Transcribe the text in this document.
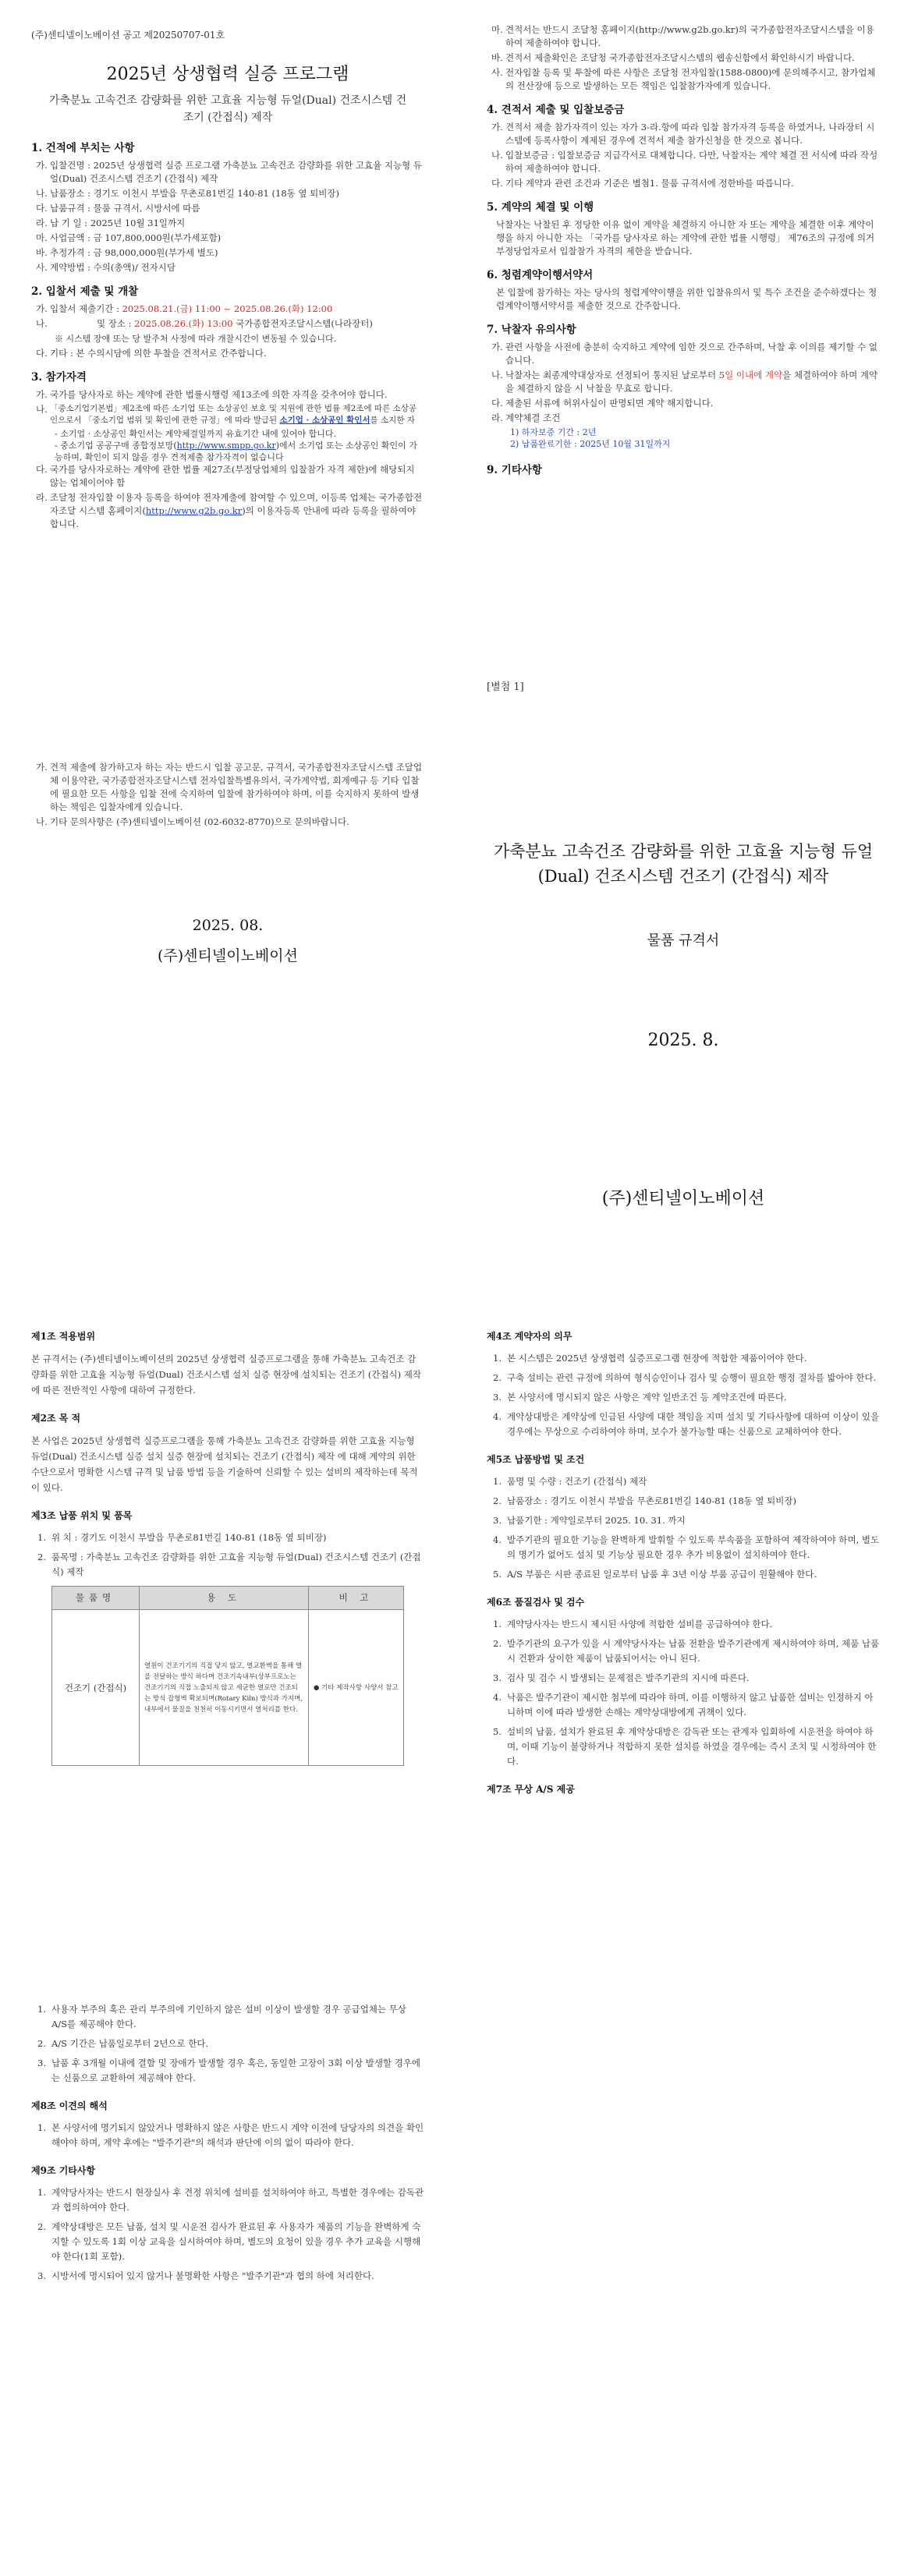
(주)센티넬이노베이션 공고 제20250707-01호
2025년 상생협력 실증 프로그램
가축분뇨 고속건조 감량화를 위한 고효율 지능형 듀얼(Dual) 건조시스템 건조기 (간접식) 제작
1. 건적에 부치는 사항
가. 입찰건명 : 2025년 상생협력 실증 프로그램 가축분뇨 고속건조 감량화를 위한 고효율 지능형 듀얼(Dual) 건조시스템 건조기 (간접식) 제작
나. 납품장소 : 경기도 이천시 부발읍 무촌로81번길 140-81 (18동 옆 퇴비장)
다. 납품규격 : 물품 규격서, 시방서에 따름
라. 납 기 일 : 2025년 10월 31일까지
마. 사업금액 : 금 107,800,000원(부가세포함)
바. 추정가격 : 금 98,000,000원(부가세 별도)
사. 계약방법 : 수의(총액)/ 전자시담
2. 입찰서 제출 및 개찰
가. 입찰서 제출기간 : 2025.08.21.(금) 11:00 ~ 2025.08.26.(화) 12:00
나.	및 장소 : 2025.08.26.(화) 13:00 국가종합전자조달시스템(나라장터)
※ 시스템 장애 또는 당 발주처 사정에 따라 개찰시간이 변동될 수 있습니다.
다. 기타 : 본 수의시담에 의한 투찰을 견적서로 간주합니다.
3. 참가자격
가. 국가를 당사자로 하는 계약에 관한 법률시행령 제13조에 의한 자격을 갖추어야 합니다.
나. 「중소기업기본법」제2조에 따른 소기업 또는 소상공인 보호 및 지원에 관한 법률 제2조에 따른 소상공인으로서 「중소기업 범위 및 확인에 관한 규정」에 따라 발급된 소기업 · 소상공인 확인서를 소지한 자
- 소기업 · 소상공인 확인서는 계약체결일까지 유효기간 내에 있어야 합니다.
- 중소기업 공공구매 종합정보망(http://www.smpp.go.kr)에서 소기업 또는 소상공인 확인이 가능하며, 확인이 되지 않을 경우 견적제출 참가자격이 없습니다
다. 국가를 당사자로하는 계약에 관한 법률 제27조(부정당업체의 입찰참가 자격 제한)에 해당되지 않는 업체이어야 함
라. 조달청 전자입찰 이용자 등록을 하여야 전자계출에 참여할 수 있으며, 이등록 업체는 국가종합전자조달 시스템 홈페이지(http://www.g2b.go.kr)의 이용자등록 안내에 따라 등록을 필하여야 합니다.
마. 견적서는 반드시 조달청 홈페이지(http://www.g2b.go.kr)의 국가종합전자조달시스템을 이용하여 제출하여야 합니다.
바. 견적서 제출확인은 조달청 국가종합전자조달시스템의 웹송신함에서 확인하시기 바랍니다.
사. 전자입찰 등록 및 투찰에 따른 사항은 조달청 전자입찰(1588-0800)에 문의해주시고, 참가업체의 전산장애 등으로 발생하는 모든 책임은 입찰참가자에게 있습니다.
4. 견적서 제출 및 입찰보증금
가. 견적서 제출 참가자격이 있는 자가 3-라.항에 따라 입찰 참가자격 등록을 하였거나, 나라장터 시스템에 등록사항이 계제된 경우에 견적서 제출 참가신청을 한 것으로 봅니다.
나. 입찰보증금 : 입찰보증금 지급각서로 대체합니다. 다만, 낙찰자는 계약 체결 전 서식에 따라 작성하여 제출하여야 합니다.
다. 기타 계약과 관련 조건과 기준은 별첨1. 물품 규격서에 정한바를 따릅니다.
5. 계약의 체결 및 이행
낙찰자는 낙찰된 후 정당한 이유 없이 계약을 체결하지 아니한 자 또는 계약을 체결한 이후 계약이행을 하지 아니한 자는 「국가를 당사자로 하는 계약에 관한 법률 시행령」 제76조의 규정에 의거 부정당업자로서 입찰참가 자격의 제한을 받습니다.
6. 청렴계약이행서약서
본 입찰에 참가하는 자는 당사의 청렴계약이행을 위한 입찰유의서 및 특수 조건을 준수하겠다는 청렴계약이행서약서를 제출한 것으로 간주합니다.
7. 낙찰자 유의사항
가. 관련 사항을 사전에 충분히 숙지하고 계약에 임한 것으로 간주하며, 낙찰 후 이의를 제기할 수 없습니다.
나. 낙찰자는 최종계약대상자로 선정되어 통지된 날로부터 5일 이내에 계약을 체결하여야 하며 계약을 체결하지 않을 시 낙찰을 무효로 합니다.
다. 제출된 서류에 허위사실이 판명되면 계약 해지합니다.
라. 계약체결 조건
1) 하자보증 기간 : 2년
2) 납품완료기한 : 2025년 10월 31일까지
9. 기타사항
가. 견적 제출에 참가하고자 하는 자는 반드시 입찰 공고문, 규격서, 국가종합전자조달시스템 조달업체 이용약관, 국가종합전자조달시스템 전자입찰특별유의서, 국가계약법, 회계예규 등 기타 입찰에 필요한 모든 사항을 입찰 전에 숙지하여 입찰에 참가하여야 하며, 이를 숙지하지 못하여 발생하는 책임은 입찰자에게 있습니다.
나. 기타 문의사항은 (주)센티넬이노베이션 (02-6032-8770)으로 문의바랍니다.
2025. 08.
(주)센티넬이노베이션
[별첨 1]
가축분뇨 고속건조 감량화를 위한 고효율 지능형 듀얼(Dual) 건조시스템 건조기 (간접식) 제작
물품 규격서
2025. 8.
(주)센티넬이노베이션
제1조 적용범위
본 규격서는 (주)센티넬이노베이션의 2025년 상생협력 실증프로그램을 통해 가축분뇨 고속건조 감량화를 위한 고효율 지능형 듀얼(Dual) 건조시스템 설치 실증 현장에 설치되는 건조기 (간접식) 제작 에 따른 전반적인 사항에 대하여 규정한다.
제2조 목 적
본 사업은 2025년 상생협력 실증프로그램을 통해 가축분뇨 고속건조 감량화를 위한 고효율 지능형 듀얼(Dual) 건조시스템 실증 설치 실증 현장에 설치되는 건조기 (간접식) 제작 에 대해 계약의 위한 수단으로서 명확한 시스템 규격 및 납품 방법 등을 기술하여 신뢰할 수 있는 설비의 제작하는데 목적이 있다.
제3조 납품 위치 및 품목
1. 위 치 : 경기도 이천시 부발읍 무촌로81번길 140-81 (18동 옆 퇴비장)
2. 품목명 : 가축분뇨 고속건조 감량화를 위한 고효율 지능형 듀얼(Dual) 건조시스템 건조기 (간접식) 제작
물품명	용 도	비 고
건조기 (간접식)	열원이 건조기기의 직접 닿지 않고, 열교환벽을 통해 열을 전달하는 방식 하다며 건조기속내부(상부프로노는 건조기기의 직접 노출되지 않고 세균한 열로만 건조되는 방식 잡형벽 확보되며(Rotary Kiln) 방식과 가지며, 내부에서 물질을 천천히 이동시키면서 열처리를 한다.	● 기타 제작사항 사양서 참고
제4조 계약자의 의무
1. 본 시스템은 2025년 상생협력 실증프로그램 현장에 적합한 제품이어야 한다.
2. 구축 설비는 관련 규정에 의하여 형식승인이나 검사 및 승행이 필요한 행정 절차를 밟아야 한다.
3. 본 사양서에 명시되지 않은 사항은 계약 일반조건 등 계약조건에 따른다.
4. 계약상대방은 계약상에 인급된 사양에 대한 책임을 지며 설치 및 기타사항에 대하여 이상이 있을 경우에는 무상으로 수리하여야 하며, 보수가 불가능할 때는 신품으로 교체하여야 한다.
제5조 납품방법 및 조건
1. 품명 및 수량 : 건조기 (간접식) 제작
2. 납품장소 : 경기도 이천시 부발읍 무촌로81번길 140-81 (18동 옆 퇴비장)
3. 납품기한 : 계약일로부터 2025. 10. 31. 까지
4. 발주기관의 필요한 기능을 완벽하게 발휘할 수 있도록 부속품을 포함하여 제작하여야 하며, 별도의 명기가 없어도 설치 및 기능상 필요한 경우 추가 비용없이 설치하여야 한다.
5. A/S 부품은 시판 종료된 일로부터 납품 후 3년 이상 부품 공급이 원활해야 한다.
제6조 품질검사 및 검수
1. 계약당사자는 반드시 제시된 사양에 적합한 설비를 공급하여야 한다.
2. 발주기관의 요구가 있을 시 계약당사자는 납품 전환을 발주기관에게 제시하여야 하며, 제품 납품 시 건환과 상이한 제품이 납품되어서는 아니 된다.
3. 검사 및 검수 시 발생되는 문제점은 발주기관의 지시에 따른다.
4. 낙품은 발주기관이 제시한 첨부에 따라야 하며, 이를 이행하지 않고 납품한 설비는 인정하지 아니하며 이에 따라 발생한 손해는 계약상대방에게 귀책이 있다.
5. 설비의 납품, 설치가 완료된 후 계약상대방은 감독관 또는 관계자 입회하에 시운전을 하여야 하며, 이때 기능이 불량하거나 적합하지 못한 설치를 하였을 경우에는 즉시 조치 및 시정하여야 한다.
제7조 무상 A/S 제공
1. 사용자 부주의 혹은 관리 부주의에 기인하지 않은 설비 이상이 발생할 경우 공급업체는 무상 A/S를 제공해야 한다.
2. A/S 기간은 납품일로부터 2년으로 한다.
3. 납품 후 3개월 이내에 결함 및 장애가 발생할 경우 혹은, 동일한 고장이 3회 이상 발생할 경우에는 신품으로 교환하여 제공해야 한다.
제8조 이견의 해석
1. 본 사양서에 명기되지 않았거나 명확하지 않은 사항은 반드시 계약 이전에 담당자의 의견을 확인해야야 하며, 계약 후에는 "발주기관"의 해석과 판단에 이의 없이 따라야 한다.
제9조 기타사항
1. 계약당사자는 반드시 현장실사 후 견정 위치에 설비를 설치하여야 하고, 특별한 경우에는 감독관과 협의하여야 한다.
2. 계약상대방은 모든 납품, 설치 및 시운전 검사가 완료된 후 사용자가 제품의 기능을 완벽하게 숙지할 수 있도록 1회 이상 교육을 실시하여야 하며, 별도의 요청이 있을 경우 추가 교육을 시행해야 한다(1회 포함).
3. 시방서에 명시되어 있지 않거나 불명확한 사항은 "발주기관"과 협의 하에 처리한다.
